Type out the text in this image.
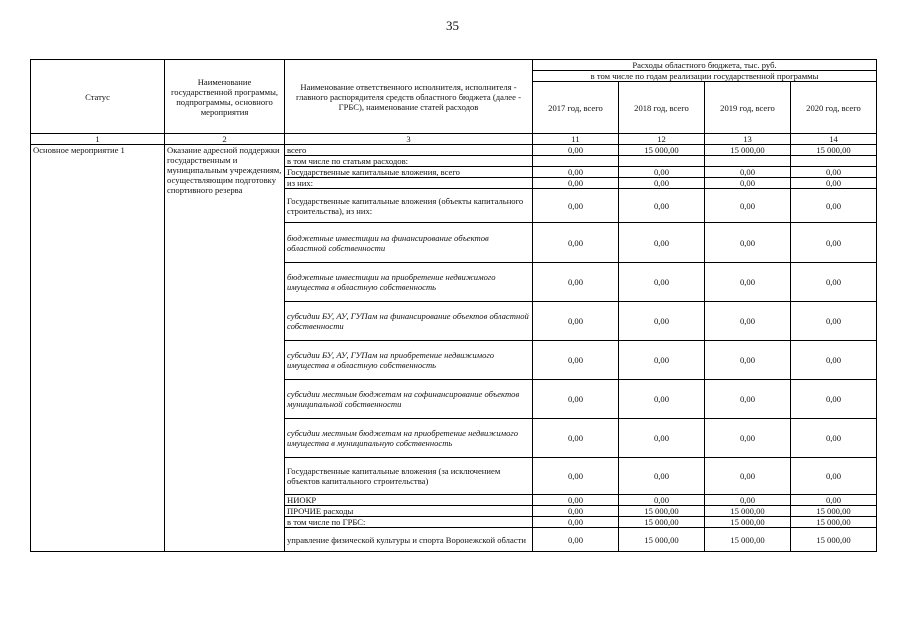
35
Статус	Наименование государственной программы, подпрограммы, основного мероприятия	Наименование ответственного исполнителя, исполнителя - главного распорядителя средств областного бюджета (далее - ГРБС), наименование статей расходов	Расходы областного бюджета, тыс. руб.			
			в том числе по годам реализации государственной программы			
			2017 год, всего	2018 год, всего	2019 год, всего	2020 год, всего
1	2	3	11	12	13	14
Основное мероприятие 1	Оказание адресной поддержки государственным и муниципальным учреждениям, осуществляющим подготовку спортивного резерва	всего	0,00	15 000,00	15 000,00	15 000,00
		в том числе по статьям расходов:				
		Государственные капитальные вложения, всего	0,00	0,00	0,00	0,00
		из них:	0,00	0,00	0,00	0,00
		Государственные капитальные вложения (объекты капитального строительства), из них:	0,00	0,00	0,00	0,00
		бюджетные инвестиции на финансирование объектов областной собственности	0,00	0,00	0,00	0,00
		бюджетные инвестиции на приобретение недвижимого имущества в областную собственность	0,00	0,00	0,00	0,00
		субсидии БУ, АУ, ГУПам на финансирование объектов областной собственности	0,00	0,00	0,00	0,00
		субсидии БУ, АУ, ГУПам на приобретение недвижимого имущества в областную собственность	0,00	0,00	0,00	0,00
		субсидии местным бюджетам на софинансирование объектов муниципальной собственности	0,00	0,00	0,00	0,00
		субсидии местным бюджетам на приобретение недвижимого имущества в муниципальную собственность	0,00	0,00	0,00	0,00
		Государственные капитальные вложения (за исключением объектов капитального строительства)	0,00	0,00	0,00	0,00
		НИОКР	0,00	0,00	0,00	0,00
		ПРОЧИЕ расходы	0,00	15 000,00	15 000,00	15 000,00
		в том числе по ГРБС:	0,00	15 000,00	15 000,00	15 000,00
		управление физической культуры и спорта Воронежской области	0,00	15 000,00	15 000,00	15 000,00
